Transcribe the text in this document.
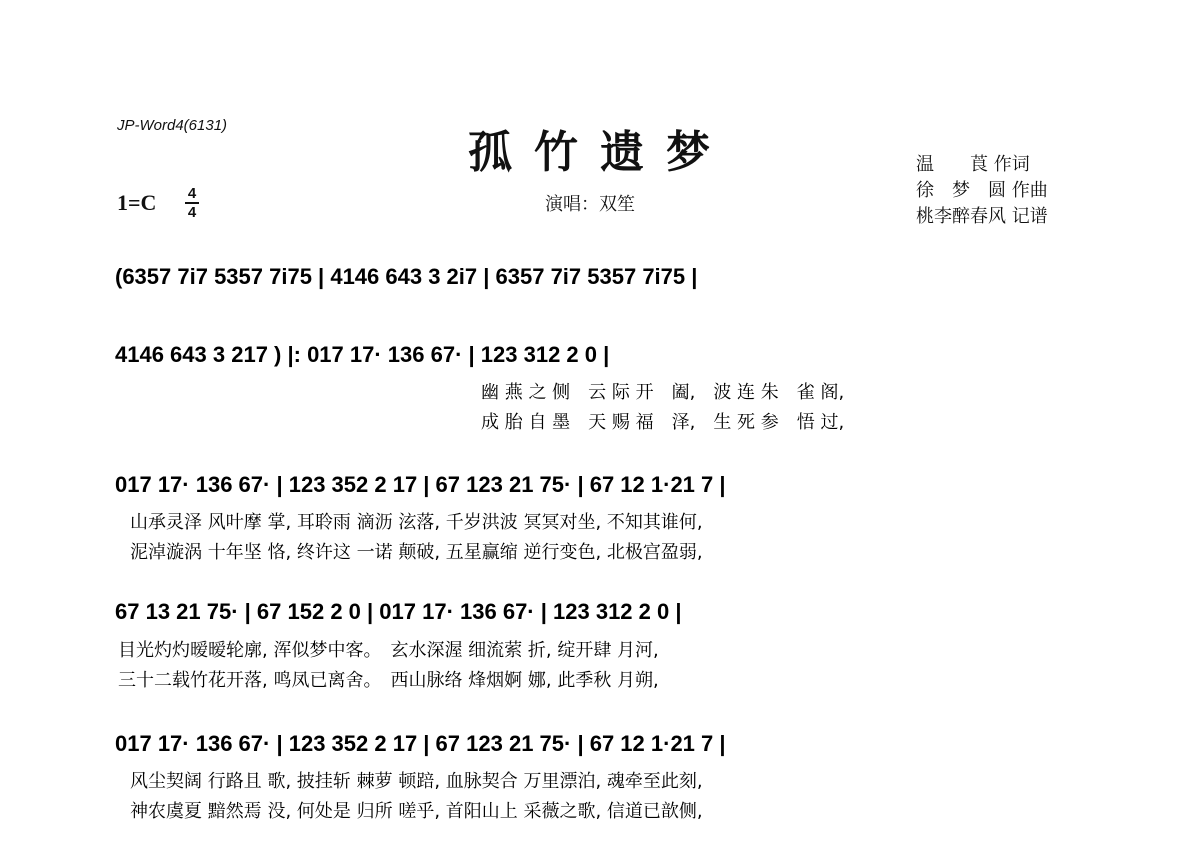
JP-Word4(6131)
孤竹遗梦
1=C 4
4	演唱：双笙
温　　莨 作词
徐　梦　圆 作曲
桃李醉春风 记谱
(6357 7i7 5357 7i75 | 4146 643 3 2i7 | 6357 7i7 5357 7i75 |
4146 643 3 217 ) |: 017 17· 136 67· | 123 312 2 0 |
幽 燕 之 侧　云 际 开　阖,　波 连 朱　雀 阁,
成 胎 自 墨　天 赐 福　泽,　生 死 参　悟 过,
017 17· 136 67· | 123 352 2 17 | 67 123 21 75· | 67 12 1·21 7 |
山承灵泽 风叶摩 掌, 耳聆雨 滴沥 泫落, 千岁洪波 冥冥对坐, 不知其谁何,
泥淖漩涡 十年坚 恪, 终许这 一诺 颠破, 五星赢缩 逆行变色, 北极宫盈弱,
67 13 21 75· | 67 152 2 0 | 017 17· 136 67· | 123 312 2 0 |
目光灼灼暧暧轮廓, 浑似梦中客。　玄水深渥 细流萦 折, 绽开肆 月河,
三十二载竹花开落, 鸣凤已离舍。　西山脉络 烽烟婀 娜, 此季秋 月朔,
017 17· 136 67· | 123 352 2 17 | 67 123 21 75· | 67 12 1·21 7 |
风尘契阔 行路且 歌, 披挂斩 棘萝 顿踣, 血脉契合 万里漂泊, 魂牵至此刻,
神农虞夏 黯然焉 没, 何处是 归所 嗟乎, 首阳山上 采薇之歌, 信道已歆侧,
